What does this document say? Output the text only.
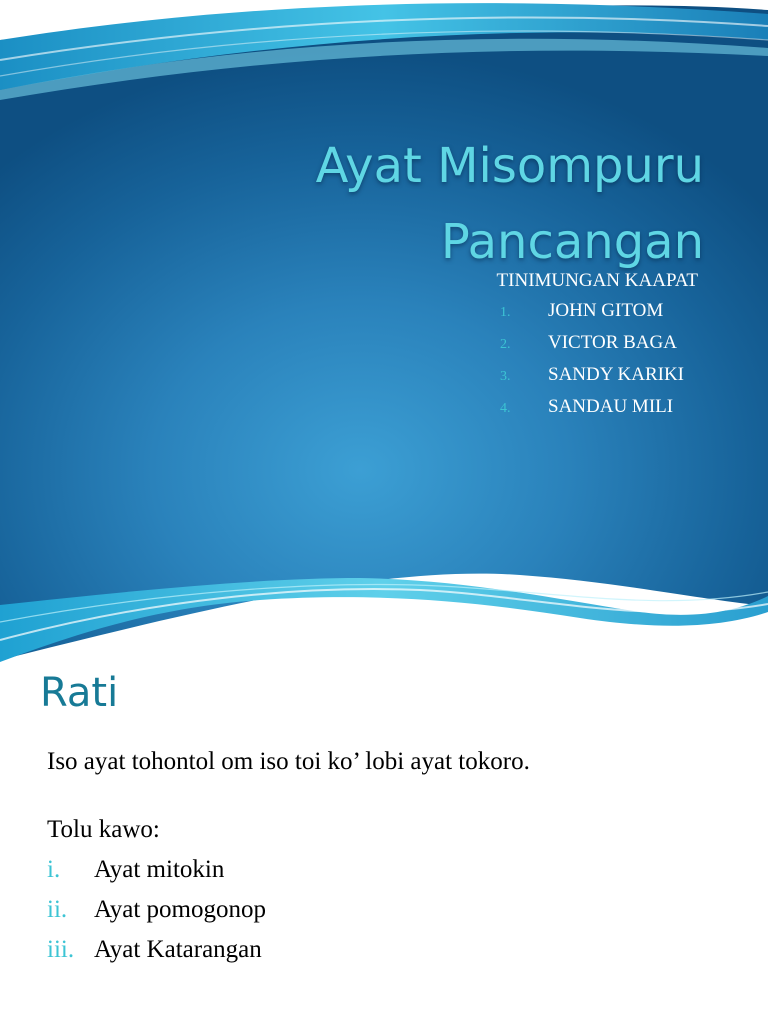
Ayat Misompuru
Pancangan
TINIMUNGAN KAAPAT
1.	JOHN GITOM
2.	VICTOR BAGA
3.	SANDY KARIKI
4.	SANDAU MILI
Rati

Iso ayat tohontol om iso toi ko’ lobi ayat tokoro.

Tolu kawo:

i.	Ayat mitokin
ii.	Ayat pomogonop
iii. Ayat Katarangan
